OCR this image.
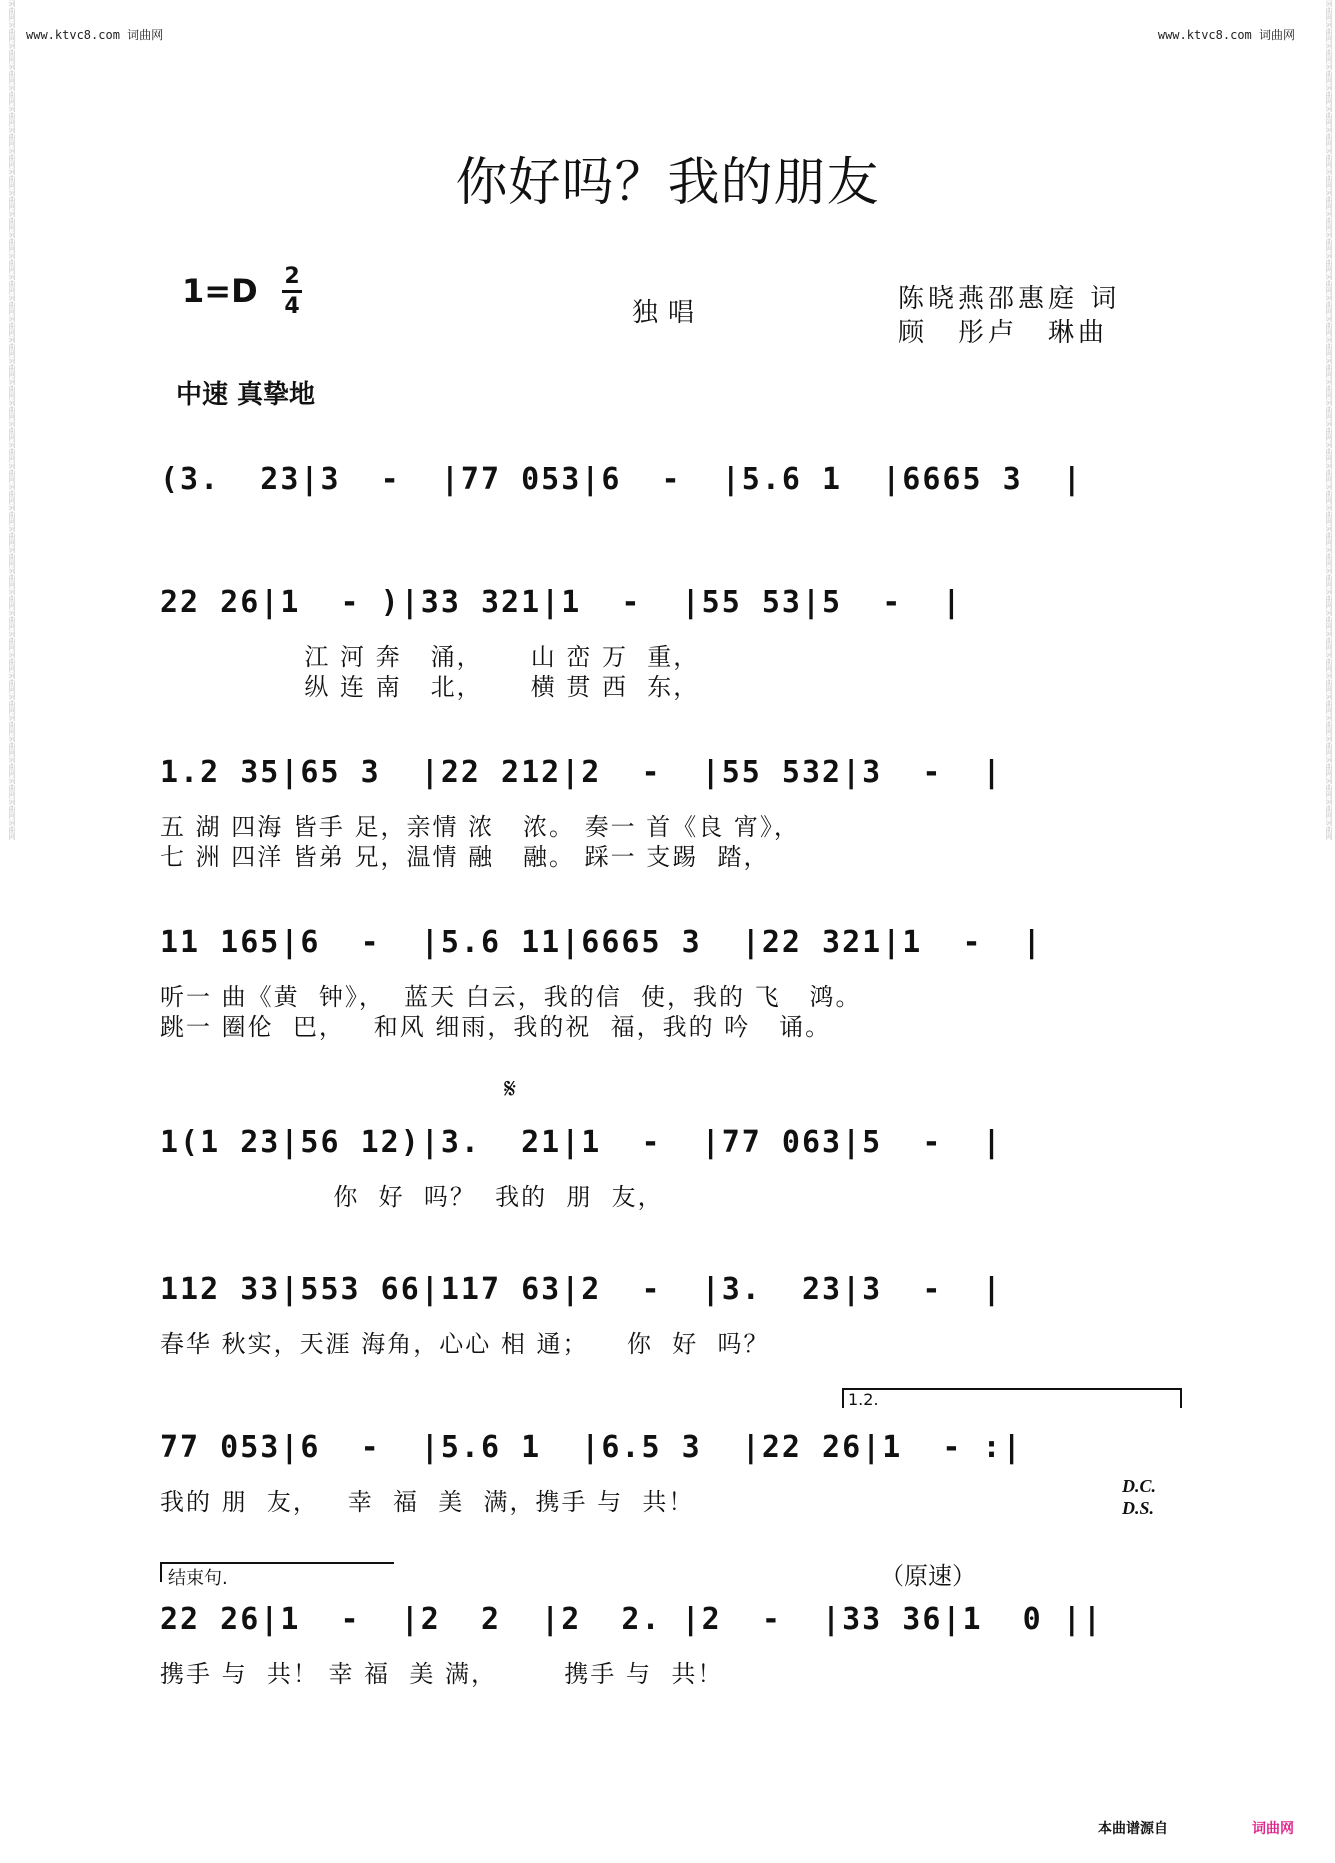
词曲网词曲网词曲网词曲网词曲网词曲网词曲网词曲网词曲网词曲网词曲网词曲网词曲网词曲网词曲网词曲网词曲网词曲网词曲网词曲网词曲网词曲网词曲网词曲网词曲网词曲网词曲网词曲网词曲网词曲网词曲网词曲网词曲网词曲网词曲网词曲网词曲网词曲网词曲网词曲网	词曲网词曲网词曲网词曲网词曲网词曲网词曲网词曲网词曲网词曲网词曲网词曲网词曲网词曲网词曲网词曲网词曲网词曲网词曲网词曲网词曲网词曲网词曲网词曲网词曲网词曲网词曲网词曲网词曲网词曲网词曲网词曲网词曲网词曲网词曲网词曲网词曲网词曲网词曲网词曲网
www.ktvc8.com 词曲网	www.ktvc8.com 词曲网
你好吗？我的朋友
1=D 2
4	独唱	陈晓燕邵惠庭 词
顾　彤卢　琳曲
中速 真挚地
(3.  23|3  -  |77 053|6  -  |5.6 1  |6665 3  |
22 26|1  - )|33 321|1  -  |55 53|5  -  |
江 河 奔   涌，     山 峦 万  重，
纵 连 南   北，     横 贯 西  东，
1.2 35|65 3  |22 212|2  -  |55 532|3  -  |
五 湖 四海 皆手 足，亲情 浓   浓。 奏一 首《良 宵》，
七 洲 四洋 皆弟 兄，温情 融   融。 踩一 支踢  踏，
11 165|6  -  |5.6 11|6665 3  |22 321|1  -  |
听一 曲《黄  钟》，  蓝天 白云，我的信  使，我的 飞   鸿。
跳一 圈伦  巴，   和风 细雨，我的祝  福，我的 吟   诵。
𝄋
1(1 23|56 12)|3.  21|1  -  |77 063|5  -  |
你  好  吗？  我的  朋  友，
112 33|553 66|117 63|2  -  |3.  23|3  -  |
春华 秋实，天涯 海角，心心 相 通；    你  好  吗？
1.2.
77 053|6  -  |5.6 1  |6.5 3  |22 26|1  - :|
我的 朋  友，   幸  福  美  满，携手 与  共！
D.C.
D.S.
结束句.	（原速）
22 26|1  -  |2  2  |2  2. |2  -  |33 36|1  0 ||
携手 与  共！ 幸 福  美 满，       携手 与  共！
本曲谱源自	词曲网
